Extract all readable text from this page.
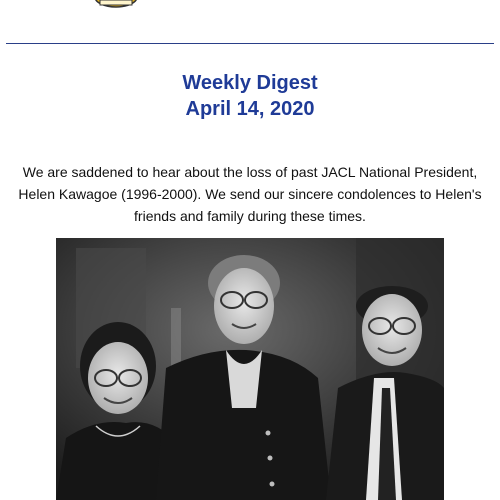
Weekly Digest
April 14, 2020
We are saddened to hear about the loss of past JACL National President, Helen Kawagoe (1996-2000). We send our sincere condolences to Helen's friends and family during these times.
